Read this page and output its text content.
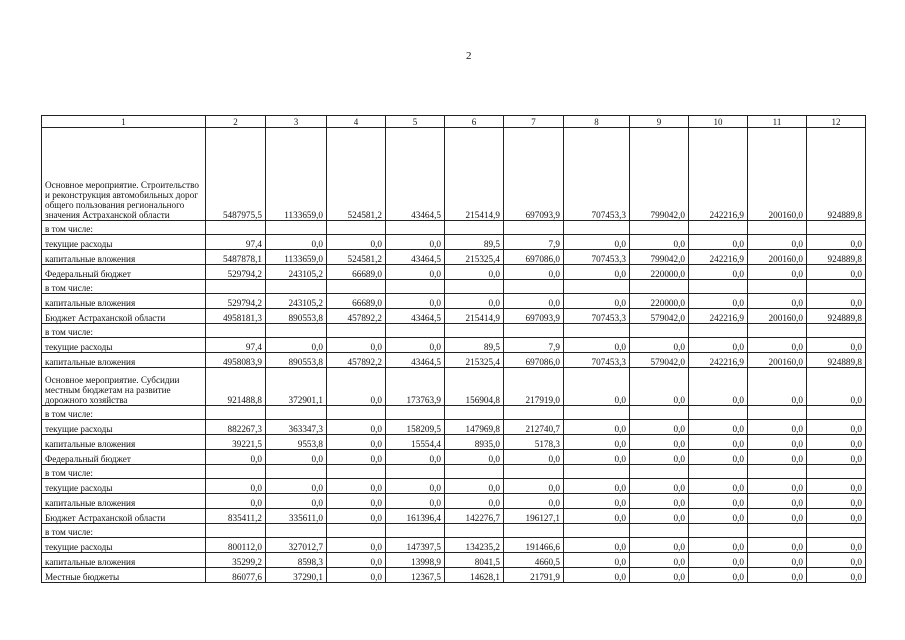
2
1	2	3	4	5	6	7	8	9	10	11	12
Основное мероприятие. Строительство и реконструкция автомобильных дорог общего пользования регионального значения Астраханской области	5487975,5	1133659,0	524581,2	43464,5	215414,9	697093,9	707453,3	799042,0	242216,9	200160,0	924889,8
в том числе:											
текущие расходы	97,4	0,0	0,0	0,0	89,5	7,9	0,0	0,0	0,0	0,0	0,0
капитальные вложения	5487878,1	1133659,0	524581,2	43464,5	215325,4	697086,0	707453,3	799042,0	242216,9	200160,0	924889,8
Федеральный бюджет	529794,2	243105,2	66689,0	0,0	0,0	0,0	0,0	220000,0	0,0	0,0	0,0
в том числе:											
капитальные вложения	529794,2	243105,2	66689,0	0,0	0,0	0,0	0,0	220000,0	0,0	0,0	0,0
Бюджет Астраханской области	4958181,3	890553,8	457892,2	43464,5	215414,9	697093,9	707453,3	579042,0	242216,9	200160,0	924889,8
в том числе:											
текущие расходы	97,4	0,0	0,0	0,0	89,5	7,9	0,0	0,0	0,0	0,0	0,0
капитальные вложения	4958083,9	890553,8	457892,2	43464,5	215325,4	697086,0	707453,3	579042,0	242216,9	200160,0	924889,8
Основное мероприятие. Субсидии местным бюджетам на развитие дорожного хозяйства	921488,8	372901,1	0,0	173763,9	156904,8	217919,0	0,0	0,0	0,0	0,0	0,0
в том числе:											
текущие расходы	882267,3	363347,3	0,0	158209,5	147969,8	212740,7	0,0	0,0	0,0	0,0	0,0
капитальные вложения	39221,5	9553,8	0,0	15554,4	8935,0	5178,3	0,0	0,0	0,0	0,0	0,0
Федеральный бюджет	0,0	0,0	0,0	0,0	0,0	0,0	0,0	0,0	0,0	0,0	0,0
в том числе:											
текущие расходы	0,0	0,0	0,0	0,0	0,0	0,0	0,0	0,0	0,0	0,0	0,0
капитальные вложения	0,0	0,0	0,0	0,0	0,0	0,0	0,0	0,0	0,0	0,0	0,0
Бюджет Астраханской области	835411,2	335611,0	0,0	161396,4	142276,7	196127,1	0,0	0,0	0,0	0,0	0,0
в том числе:											
текущие расходы	800112,0	327012,7	0,0	147397,5	134235,2	191466,6	0,0	0,0	0,0	0,0	0,0
капитальные вложения	35299,2	8598,3	0,0	13998,9	8041,5	4660,5	0,0	0,0	0,0	0,0	0,0
Местные бюджеты	86077,6	37290,1	0,0	12367,5	14628,1	21791,9	0,0	0,0	0,0	0,0	0,0
